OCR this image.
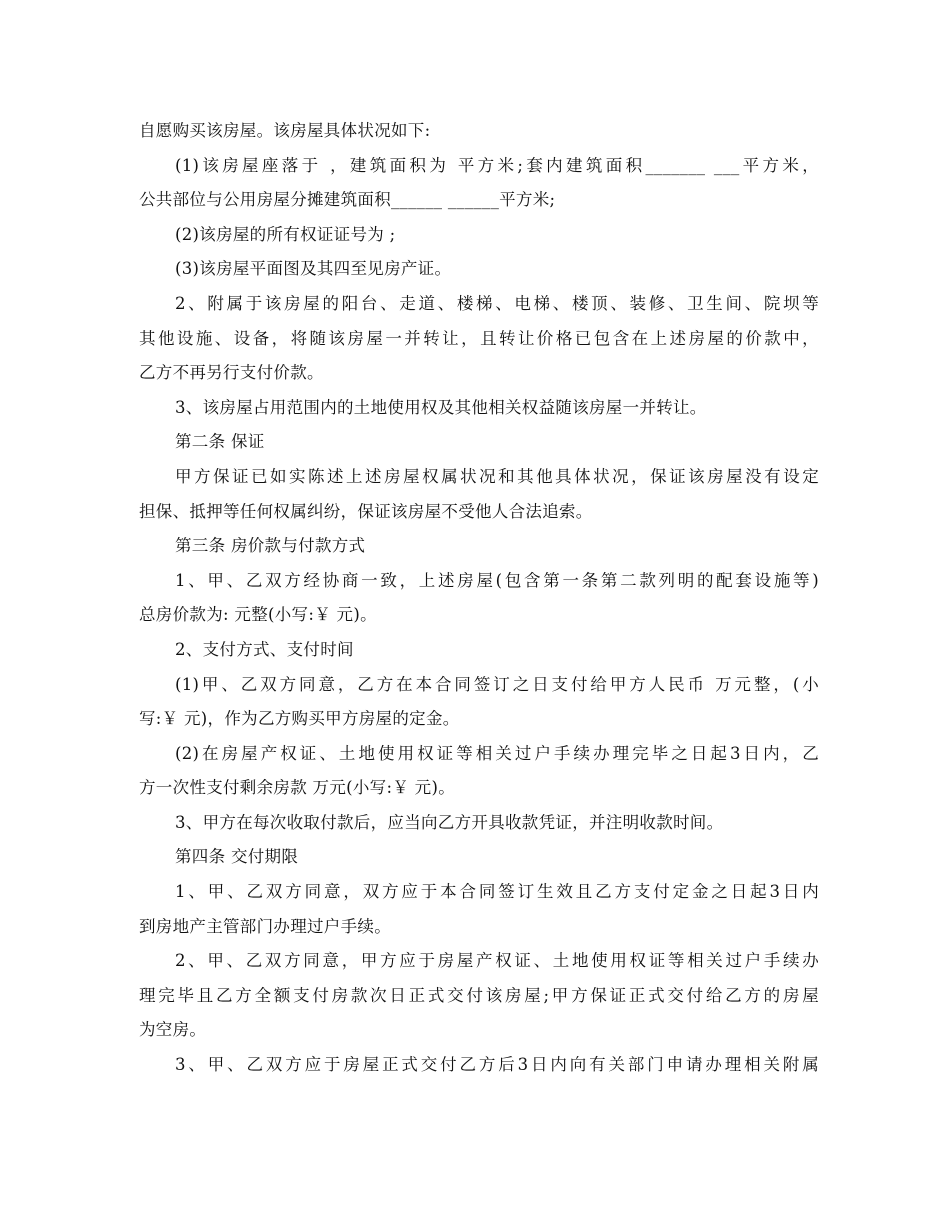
自愿购买该房屋。该房屋具体状况如下:
(1)该房屋座落于 ，建筑面积为 平方米;套内建筑面积_______ ___平方米，
公共部位与公用房屋分摊建筑面积______ ______平方米;
(2)该房屋的所有权证证号为 ;
(3)该房屋平面图及其四至见房产证。
2、附属于该房屋的阳台、走道、楼梯、电梯、楼顶、装修、卫生间、院坝等
其他设施、设备，将随该房屋一并转让，且转让价格已包含在上述房屋的价款中，
乙方不再另行支付价款。
3、该房屋占用范围内的土地使用权及其他相关权益随该房屋一并转让。
第二条 保证
甲方保证已如实陈述上述房屋权属状况和其他具体状况，保证该房屋没有设定
担保、抵押等任何权属纠纷，保证该房屋不受他人合法追索。
第三条 房价款与付款方式
1、甲、乙双方经协商一致，上述房屋(包含第一条第二款列明的配套设施等)
总房价款为: 元整(小写:￥ 元)。
2、支付方式、支付时间
(1)甲、乙双方同意，乙方在本合同签订之日支付给甲方人民币 万元整，(小
写:￥ 元)，作为乙方购买甲方房屋的定金。
(2)在房屋产权证、土地使用权证等相关过户手续办理完毕之日起3日内，乙
方一次性支付剩余房款 万元(小写:￥ 元)。
3、甲方在每次收取付款后，应当向乙方开具收款凭证，并注明收款时间。
第四条 交付期限
1、甲、乙双方同意，双方应于本合同签订生效且乙方支付定金之日起3日内
到房地产主管部门办理过户手续。
2、甲、乙双方同意，甲方应于房屋产权证、土地使用权证等相关过户手续办
理完毕且乙方全额支付房款次日正式交付该房屋;甲方保证正式交付给乙方的房屋
为空房。
3、甲、乙双方应于房屋正式交付乙方后3日内向有关部门申请办理相关附属
